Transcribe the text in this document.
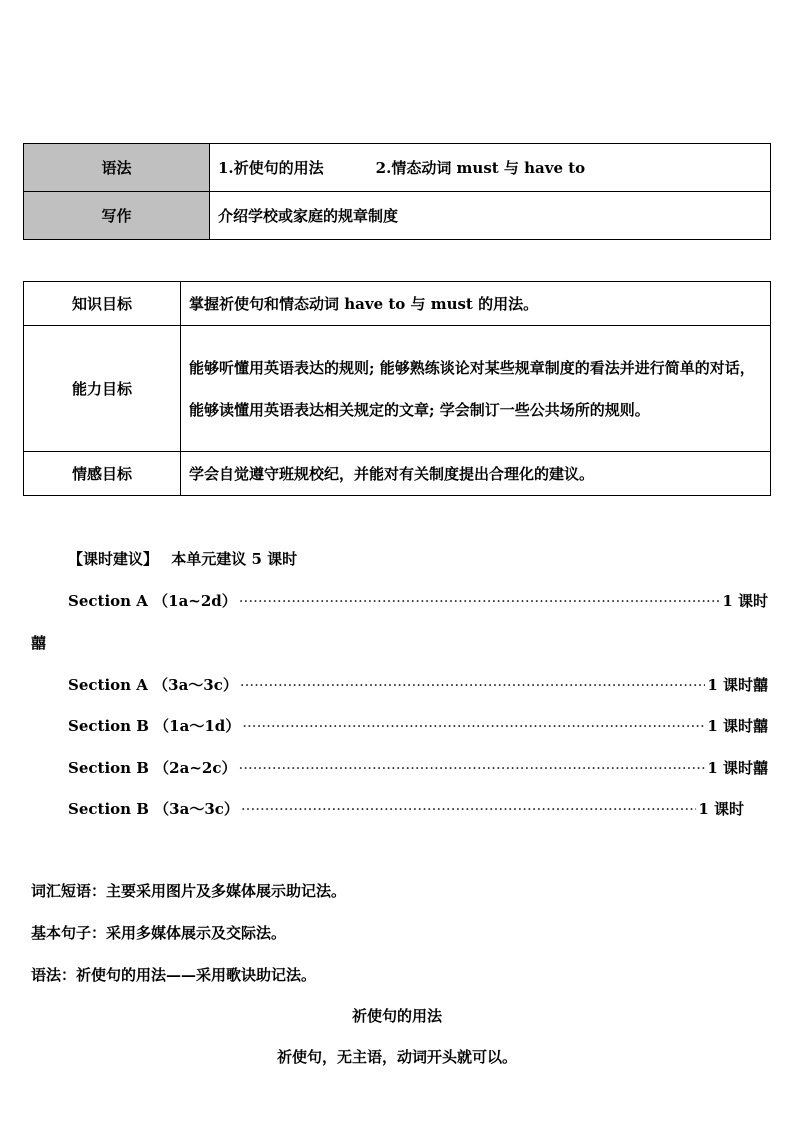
语法	1.祈使句的用法 2.情态动词 must 与 have to
写作	介绍学校或家庭的规章制度
知识目标	掌握祈使句和情态动词 have to 与 must 的用法。
能力目标	能够听懂用英语表达的规则; 能够熟练谈论对某些规章制度的看法并进行简单的对话，能够读懂用英语表达相关规定的文章; 学会制订一些公共场所的规则。
情感目标	学会自觉遵守班规校纪，并能对有关制度提出合理化的建议。
【课时建议】 本单元建议 5 课时
Section A （1a~2d） ·····	1 课时
囍
Section A （3a～3c） ·····	1 课时 囍
Section B （1a～1d） ·····	1 课时 囍
Section B （2a~2c） ·····	1 课时 囍
Section B （3a～3c） ·····	1 课时
词汇短语：主要采用图片及多媒体展示助记法。
基本句子：采用多媒体展示及交际法。
语法：祈使句的用法——采用歌诀助记法。
祈使句的用法
祈使句，无主语，动词开头就可以。
